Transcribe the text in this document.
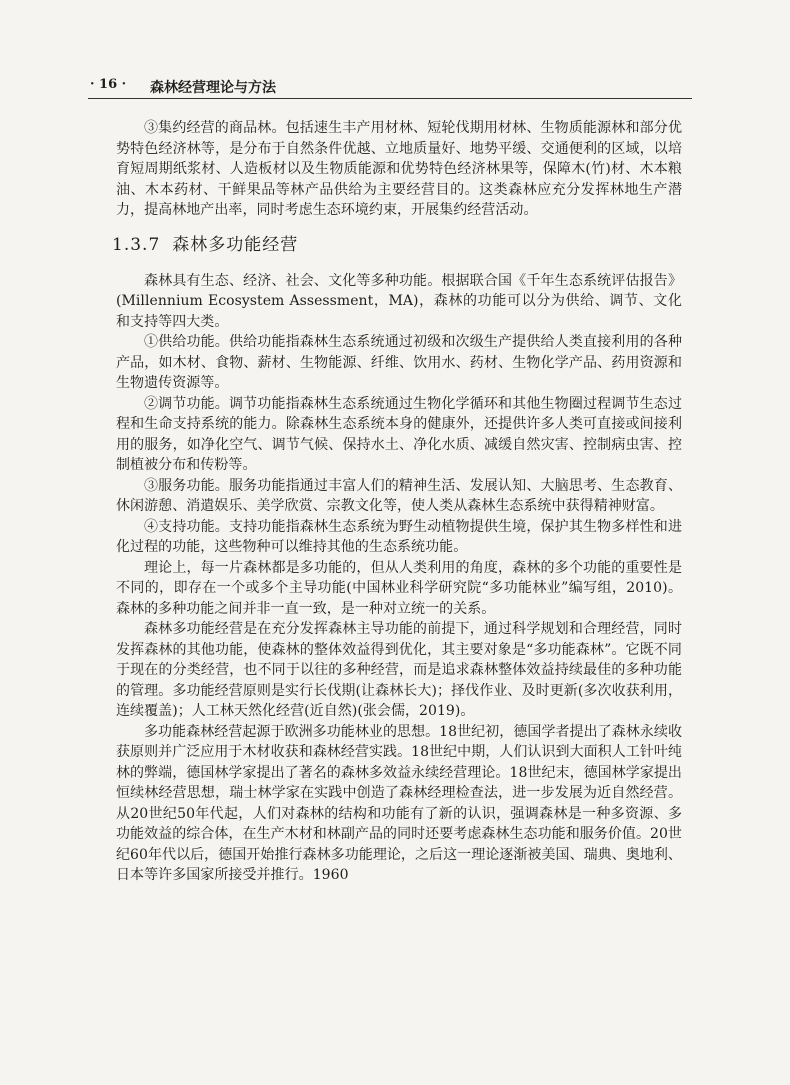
· 16 · 森林经营理论与方法

③集约经营的商品林。包括速生丰产用材林、短轮伐期用材林、生物质能源林和部分优势特色经济林等，是分布于自然条件优越、立地质量好、地势平缓、交通便利的区域，以培育短周期纸浆材、人造板材以及生物质能源和优势特色经济林果等，保障木(竹)材、木本粮油、木本药材、干鲜果品等林产品供给为主要经营目的。这类森林应充分发挥林地生产潜力，提高林地产出率，同时考虑生态环境约束，开展集约经营活动。

1.3.7 森林多功能经营

森林具有生态、经济、社会、文化等多种功能。根据联合国《千年生态系统评估报告》(Millennium Ecosystem Assessment，MA)，森林的功能可以分为供给、调节、文化和支持等四大类。

①供给功能。供给功能指森林生态系统通过初级和次级生产提供给人类直接利用的各种产品，如木材、食物、薪材、生物能源、纤维、饮用水、药材、生物化学产品、药用资源和生物遗传资源等。

②调节功能。调节功能指森林生态系统通过生物化学循环和其他生物圈过程调节生态过程和生命支持系统的能力。除森林生态系统本身的健康外，还提供许多人类可直接或间接利用的服务，如净化空气、调节气候、保持水土、净化水质、减缓自然灾害、控制病虫害、控制植被分布和传粉等。

③服务功能。服务功能指通过丰富人们的精神生活、发展认知、大脑思考、生态教育、休闲游憩、消遣娱乐、美学欣赏、宗教文化等，使人类从森林生态系统中获得精神财富。

④支持功能。支持功能指森林生态系统为野生动植物提供生境，保护其生物多样性和进化过程的功能，这些物种可以维持其他的生态系统功能。

理论上，每一片森林都是多功能的，但从人类利用的角度，森林的多个功能的重要性是不同的，即存在一个或多个主导功能(中国林业科学研究院“多功能林业”编写组，2010)。森林的多种功能之间并非一直一致，是一种对立统一的关系。

森林多功能经营是在充分发挥森林主导功能的前提下，通过科学规划和合理经营，同时发挥森林的其他功能，使森林的整体效益得到优化，其主要对象是“多功能森林”。它既不同于现在的分类经营，也不同于以往的多种经营，而是追求森林整体效益持续最佳的多种功能的管理。多功能经营原则是实行长伐期(让森林长大)；择伐作业、及时更新(多次收获利用，连续覆盖)；人工林天然化经营(近自然)(张会儒，2019)。

多功能森林经营起源于欧洲多功能林业的思想。18世纪初，德国学者提出了森林永续收获原则并广泛应用于木材收获和森林经营实践。18世纪中期，人们认识到大面积人工针叶纯林的弊端，德国林学家提出了著名的森林多效益永续经营理论。18世纪末，德国林学家提出恒续林经营思想，瑞士林学家在实践中创造了森林经理检查法，进一步发展为近自然经营。从20世纪50年代起，人们对森林的结构和功能有了新的认识，强调森林是一种多资源、多功能效益的综合体，在生产木材和林副产品的同时还要考虑森林生态功能和服务价值。20世纪60年代以后，德国开始推行森林多功能理论，之后这一理论逐渐被美国、瑞典、奥地利、日本等许多国家所接受并推行。1960
